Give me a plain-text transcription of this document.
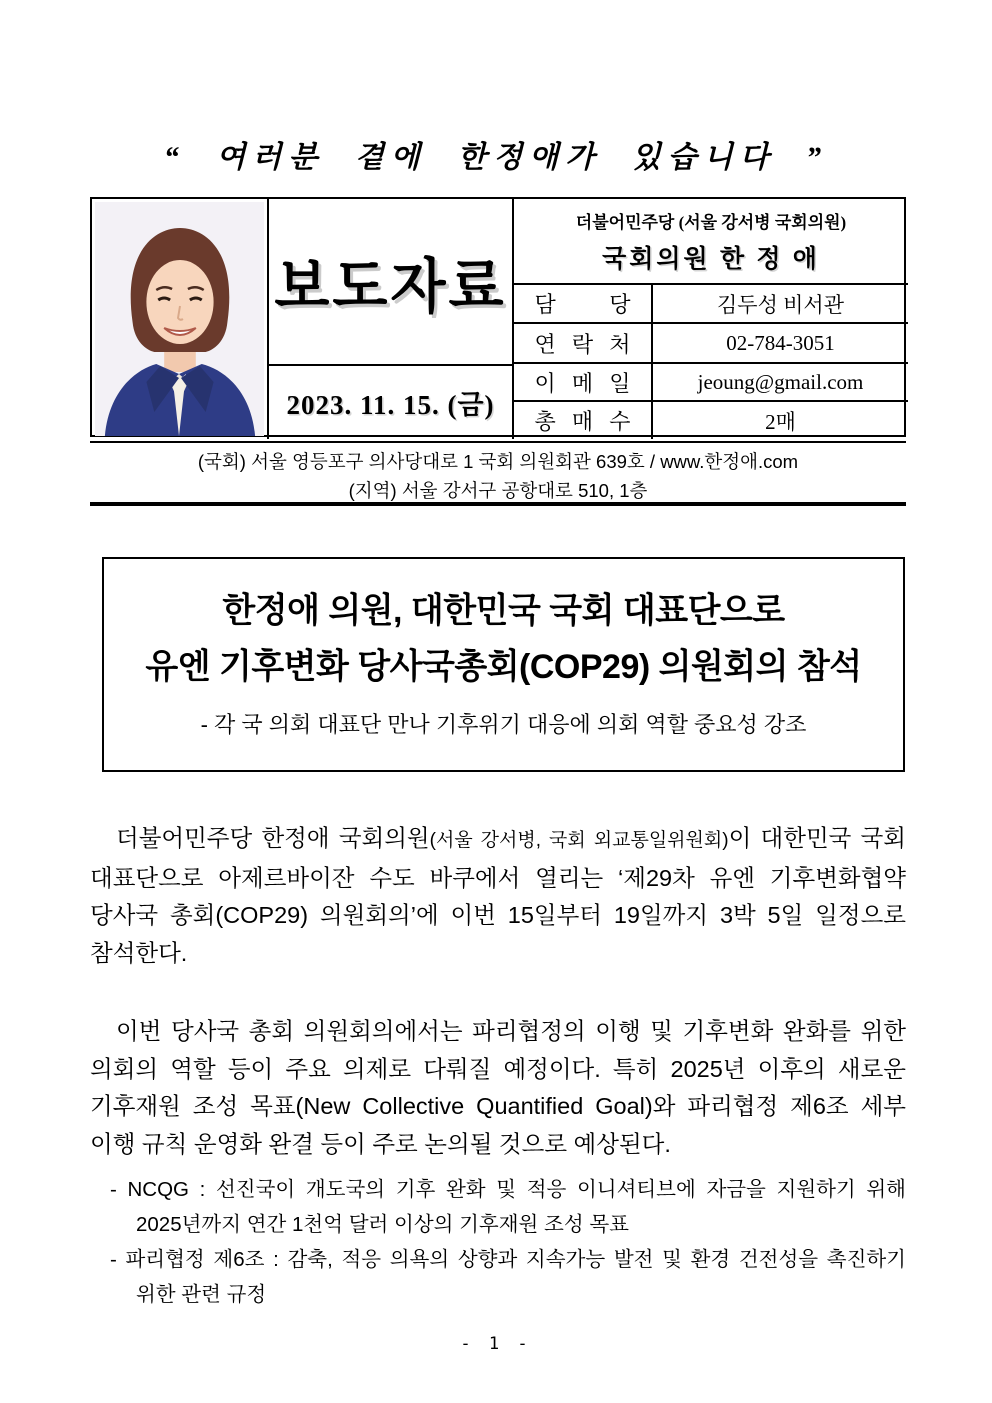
“ 여러분 곁에 한정애가 있습니다 ”
보도자료
2023. 11. 15. (금)
더불어민주당 (서울 강서병 국회의원)
국회의원 한 정 애
담 당	김두성 비서관
연 락 처	02-784-3051
이 메 일	jeoung@gmail.com
총 매 수	2매
(국회) 서울 영등포구 의사당대로 1 국회 의원회관 639호 / www.한정애.com
(지역) 서울 강서구 공항대로 510, 1층
한정애 의원, 대한민국 국회 대표단으로
유엔 기후변화 당사국총회(COP29) 의원회의 참석
- 각 국 의회 대표단 만나 기후위기 대응에 의회 역할 중요성 강조

더불어민주당 한정애 국회의원(서울 강서병, 국회 외교통일위원회)이 대한민국 국회 대표단으로 아제르바이잔 수도 바쿠에서 열리는 ‘제29차 유엔 기후변화협약 당사국 총회(COP29) 의원회의’에 이번 15일부터 19일까지 3박 5일 일정으로 참석한다.

이번 당사국 총회 의원회의에서는 파리협정의 이행 및 기후변화 완화를 위한 의회의 역할 등이 주요 의제로 다뤄질 예정이다. 특히 2025년 이후의 새로운 기후재원 조성 목표(New Collective Quantified Goal)와 파리협정 제6조 세부 이행 규칙 운영화 완결 등이 주로 논의될 것으로 예상된다.

- NCQG : 선진국이 개도국의 기후 완화 및 적응 이니셔티브에 자금을 지원하기 위해 2025년까지 연간 1천억 달러 이상의 기후재원 조성 목표
- 파리협정 제6조 : 감축, 적응 의욕의 상향과 지속가능 발전 및 환경 건전성을 촉진하기 위한 관련 규정
- 1 -
